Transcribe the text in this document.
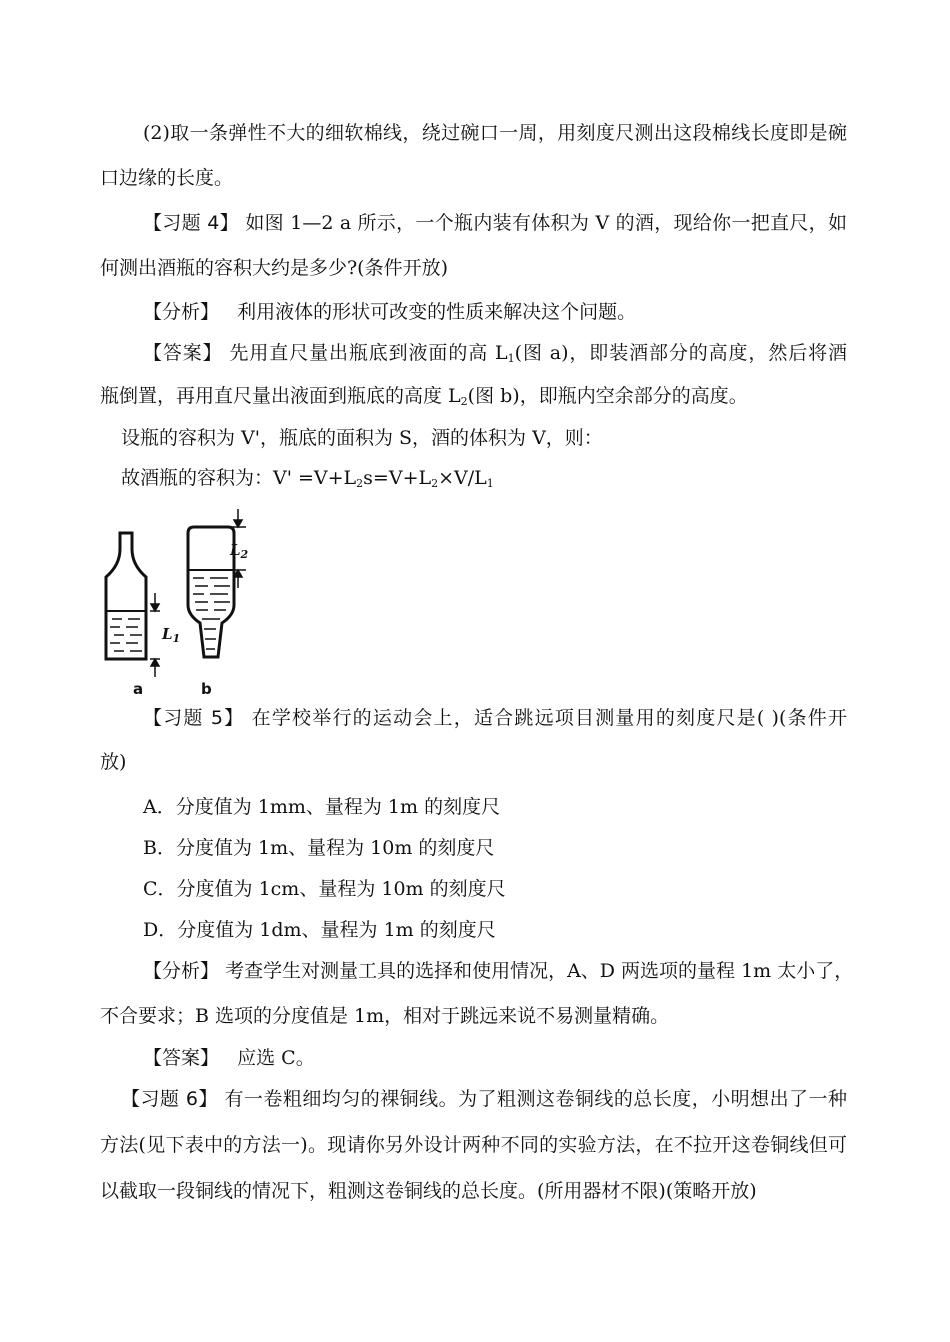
(2)取一条弹性不大的细软棉线，绕过碗口一周，用刻度尺测出这段棉线长度即是碗
口边缘的长度。
【习题 4】 如图 1—2 a 所示，一个瓶内装有体积为 V 的酒，现给你一把直尺，如
何测出酒瓶的容积大约是多少?(条件开放)
【分析】 利用液体的形状可改变的性质来解决这个问题。
【答案】 先用直尺量出瓶底到液面的高 $L_1$(图 a)，即装酒部分的高度，然后将酒
瓶倒置，再用直尺量出液面到瓶底的高度 $L_2$(图 b)，即瓶内空余部分的高度。
设瓶的容积为 V'，瓶底的面积为 S，酒的体积为 V，则：
故酒瓶的容积为：$V' =V+L_2s=V+L_2\times V/L_1$
$L_1$
$L_2$
a	b
【习题 5】 在学校举行的运动会上，适合跳远项目测量用的刻度尺是( )(条件开
放)
A．分度值为 1mm、量程为 1m 的刻度尺
B．分度值为 1m、量程为 10m 的刻度尺
C．分度值为 1cm、量程为 10m 的刻度尺
D．分度值为 1dm、量程为 1m 的刻度尺
【分析】 考查学生对测量工具的选择和使用情况，A、D 两选项的量程 1m 太小了，
不合要求；B 选项的分度值是 1m，相对于跳远来说不易测量精确。
【答案】 应选 C。
【习题 6】 有一卷粗细均匀的裸铜线。为了粗测这卷铜线的总长度，小明想出了一种
方法(见下表中的方法一)。现请你另外设计两种不同的实验方法，在不拉开这卷铜线但可
以截取一段铜线的情况下，粗测这卷铜线的总长度。(所用器材不限)(策略开放)
